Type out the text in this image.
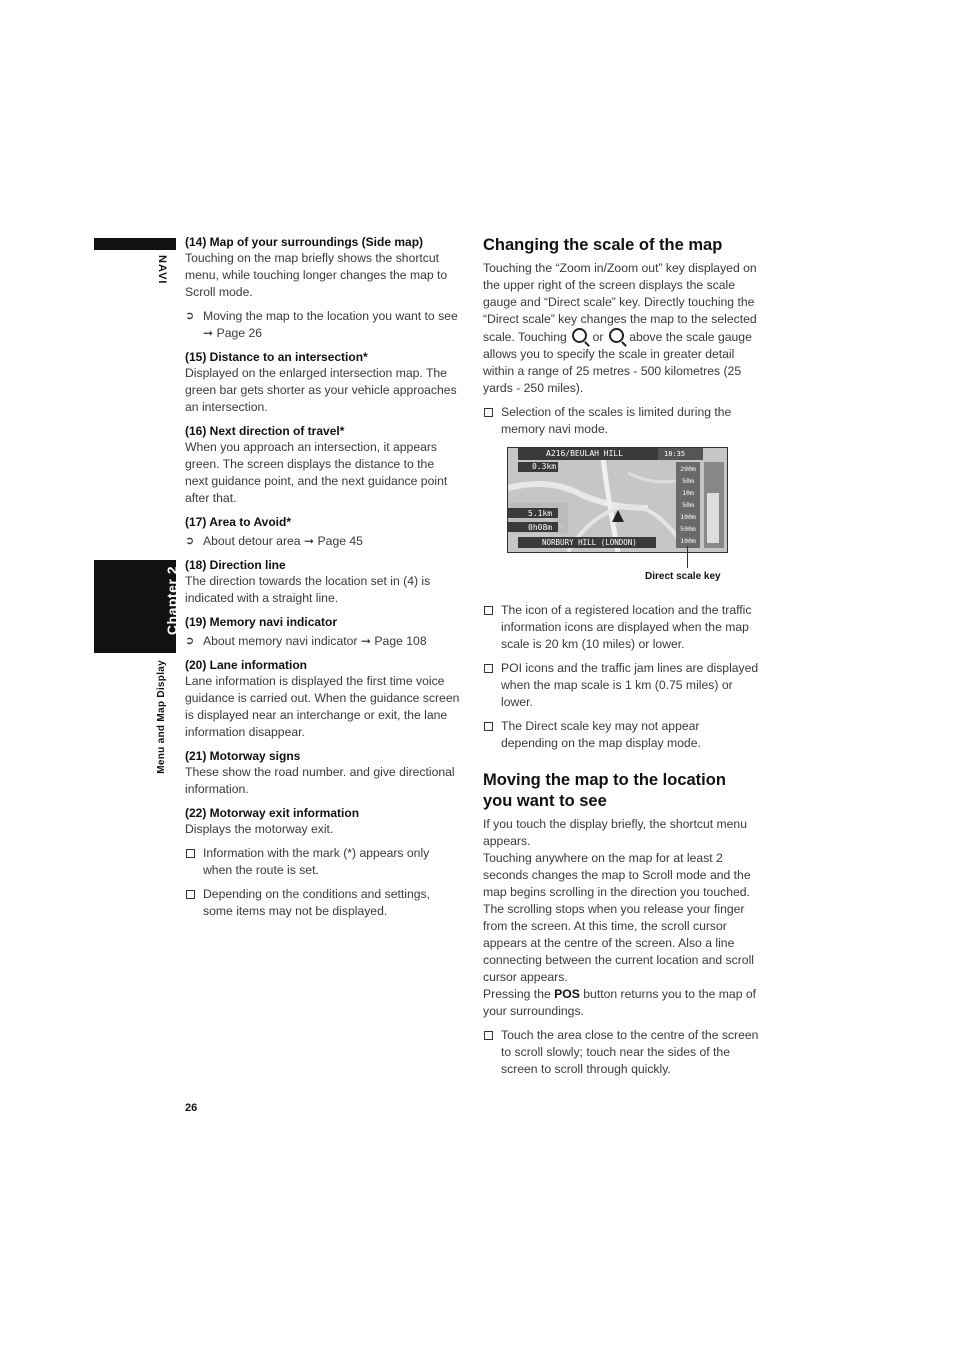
NAVI
Chapter 2
Menu and Map Display

(14) Map of your surroundings (Side map)

Touching on the map briefly shows the shortcut menu, while touching longer changes the map to Scroll mode.

➲ Moving the map to the location you want to see ➞ Page 26

(15) Distance to an intersection*

Displayed on the enlarged intersection map. The green bar gets shorter as your vehicle approaches an intersection.

(16) Next direction of travel*

When you approach an intersection, it appears green. The screen displays the distance to the next guidance point, and the next guidance point after that.

(17) Area to Avoid*

➲ About detour area ➞ Page 45

(18) Direction line

The direction towards the location set in (4) is indicated with a straight line.

(19) Memory navi indicator

➲ About memory navi indicator ➞ Page 108

(20) Lane information

Lane information is displayed the first time voice guidance is carried out. When the guidance screen is displayed near an interchange or exit, the lane information disappear.

(21) Motorway signs

These show the road number. and give directional information.

(22) Motorway exit information

Displays the motorway exit.

Information with the mark (*) appears only when the route is set.

Depending on the conditions and settings, some items may not be displayed.

Changing the scale of the map

Touching the “Zoom in/Zoom out” key displayed on the upper right of the screen displays the scale gauge and “Direct scale” key. Directly touching the “Direct scale” key changes the map to the selected scale. Touching or above the scale gauge allows you to specify the scale in greater detail within a range of 25 metres - 500 kilometres (25 yards - 250 miles).

Selection of the scales is limited during the memory navi mode.

A216/BEULAH HILL
0.3km
18:35
5.1km
0h08m
NORBURY HILL (LONDON)
200m
50m
10m
50m
100m
500m
100m
Direct scale key

The icon of a registered location and the traffic information icons are displayed when the map scale is 20 km (10 miles) or lower.

POI icons and the traffic jam lines are displayed when the map scale is 1 km (0.75 miles) or lower.

The Direct scale key may not appear depending on the map display mode.

Moving the map to the location you want to see

If you touch the display briefly, the shortcut menu appears.

Touching anywhere on the map for at least 2 seconds changes the map to Scroll mode and the map begins scrolling in the direction you touched. The scrolling stops when you release your finger from the screen. At this time, the scroll cursor appears at the centre of the screen. Also a line connecting between the current location and scroll cursor appears.

Pressing the POS button returns you to the map of your surroundings.

Touch the area close to the centre of the screen to scroll slowly; touch near the sides of the screen to scroll through quickly.

26
